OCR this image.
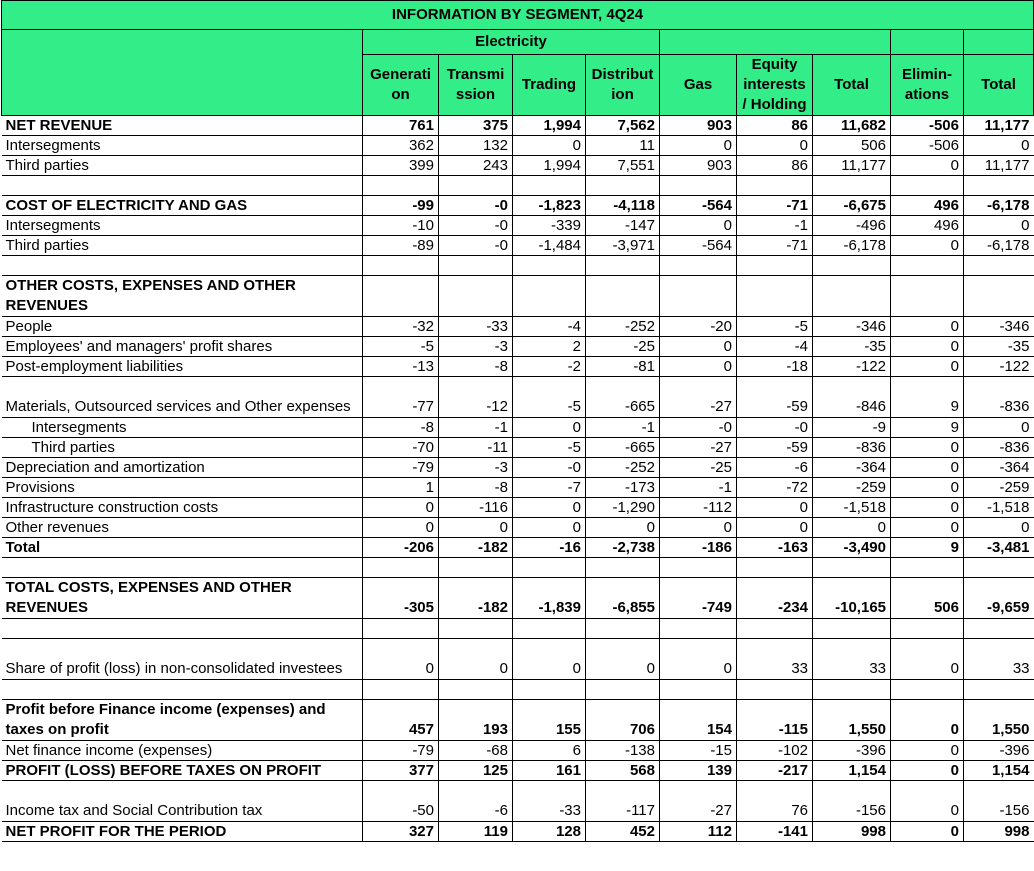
INFORMATION BY SEGMENT, 4Q24									
	Electricity								
	Generati on	Transmi ssion	Trading	Distribut ion	Gas	Equity interests / Holding	Total	Elimin- ations	Total
NET REVENUE	761	375	1,994	7,562	903	86	11,682	-506	11,177
Intersegments	362	132	0	11	0	0	506	-506	0
Third parties	399	243	1,994	7,551	903	86	11,177	0	11,177

COST OF ELECTRICITY AND GAS	-99	-0	-1,823	-4,118	-564	-71	-6,675	496	-6,178
Intersegments	-10	-0	-339	-147	0	-1	-496	496	0
Third parties	-89	-0	-1,484	-3,971	-564	-71	-6,178	0	-6,178

OTHER COSTS, EXPENSES AND OTHER REVENUES									
People	-32	-33	-4	-252	-20	-5	-346	0	-346
Employees' and managers' profit shares	-5	-3	2	-25	0	-4	-35	0	-35
Post-employment liabilities	-13	-8	-2	-81	0	-18	-122	0	-122
Materials, Outsourced services and Other expenses	-77	-12	-5	-665	-27	-59	-846	9	-836
Intersegments	-8	-1	0	-1	-0	-0	-9	9	0
Third parties	-70	-11	-5	-665	-27	-59	-836	0	-836
Depreciation and amortization	-79	-3	-0	-252	-25	-6	-364	0	-364
Provisions	1	-8	-7	-173	-1	-72	-259	0	-259
Infrastructure construction costs	0	-116	0	-1,290	-112	0	-1,518	0	-1,518
Other revenues	0	0	0	0	0	0	0	0	0
Total	-206	-182	-16	-2,738	-186	-163	-3,490	9	-3,481

TOTAL COSTS, EXPENSES AND OTHER REVENUES	-305	-182	-1,839	-6,855	-749	-234	-10,165	506	-9,659

Share of profit (loss) in non-consolidated investees	0	0	0	0	0	33	33	0	33

Profit before Finance income (expenses) and taxes on profit	457	193	155	706	154	-115	1,550	0	1,550
Net finance income (expenses)	-79	-68	6	-138	-15	-102	-396	0	-396
PROFIT (LOSS) BEFORE TAXES ON PROFIT	377	125	161	568	139	-217	1,154	0	1,154
Income tax and Social Contribution tax	-50	-6	-33	-117	-27	76	-156	0	-156
NET PROFIT FOR THE PERIOD	327	119	128	452	112	-141	998	0	998
